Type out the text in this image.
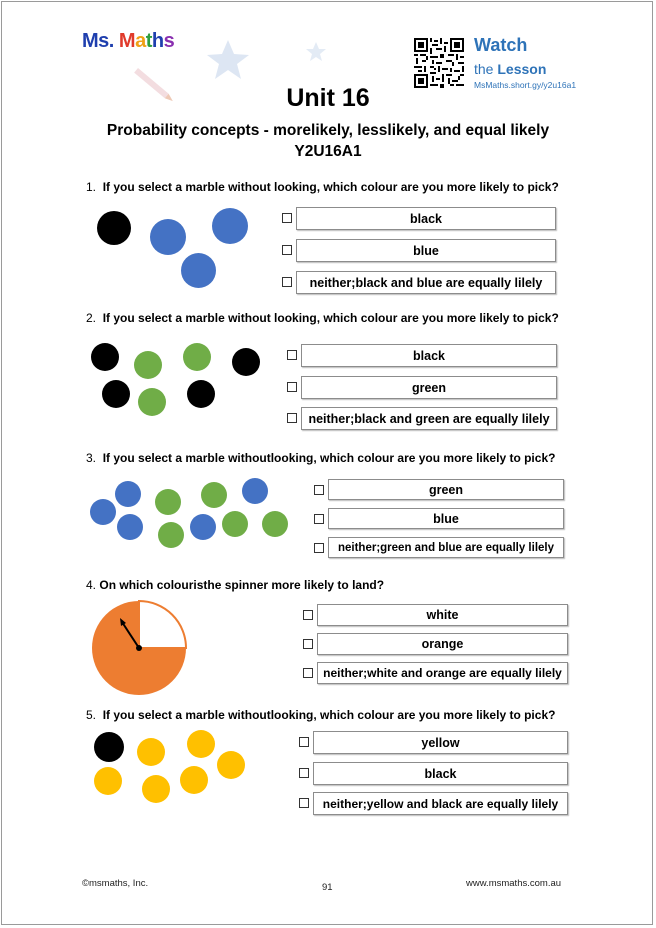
Ms. Maths	Watch
the Lesson
MsMaths.short.gy/y2u16a1
Unit 16
Probability concepts - morelikely, lesslikely, and equal likely
Y2U16A1
1. If you select a marble without looking, which colour are you more likely to pick?
black
blue
neither;black and blue are equally lilely
2. If you select a marble without looking, which colour are you more likely to pick?
black
green
neither;black and green are equally lilely
3. If you select a marble withoutlooking, which colour are you more likely to pick?
green
blue
neither;green and blue are equally lilely
4. On which colouristhe spinner more likely to land?
white
orange
neither;white and orange are equally lilely
5. If you select a marble withoutlooking, which colour are you more likely to pick?
yellow
black
neither;yellow and black are equally lilely
©msmaths, Inc.	91	www.msmaths.com.au
